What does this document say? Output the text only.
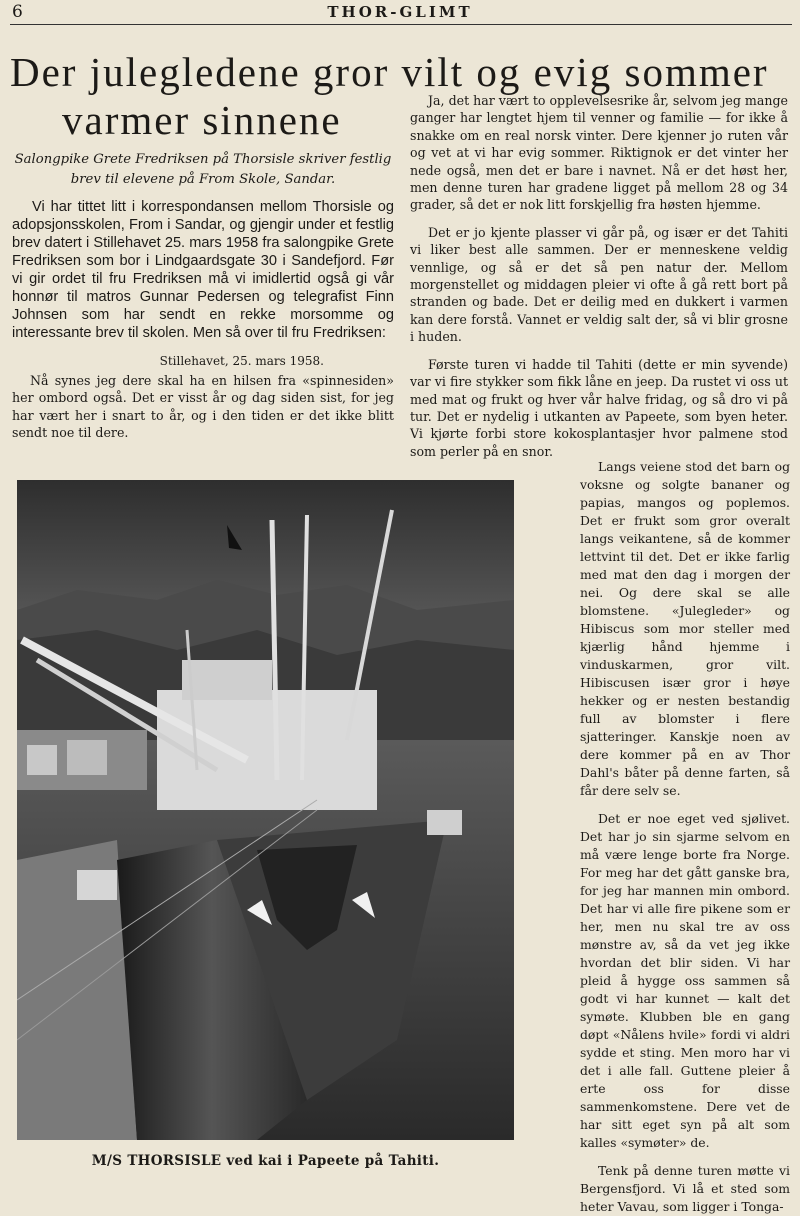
6	THOR-GLIMT
Der julegledene gror vilt og evig sommer
varmer sinnene

Salongpike Grete Fredriksen på Thorsisle skriver festlig brev til elevene på From Skole, Sandar.

Vi har tittet litt i korrespondansen mellom Thorsisle og adopsjonsskolen, From i Sandar, og gjengir under et festlig brev datert i Stillehavet 25. mars 1958 fra salongpike Grete Fredriksen som bor i Lindgaardsgate 30 i Sandefjord. Før vi gir ordet til fru Fredriksen må vi imidlertid også gi vår honnør til matros Gunnar Pedersen og telegrafist Finn Johnsen som har sendt en rekke morsomme og interessante brev til skolen. Men så over til fru Fredriksen:

Stillehavet, 25. mars 1958.

Nå synes jeg dere skal ha en hilsen fra «spinnesiden» her ombord også. Det er visst år og dag siden sist, for jeg har vært her i snart to år, og i den tiden er det ikke blitt sendt noe til dere.

Ja, det har vært to opplevelsesrike år, selvom jeg mange ganger har lengtet hjem til venner og familie — for ikke å snakke om en real norsk vinter. Dere kjenner jo ruten vår og vet at vi har evig sommer. Riktignok er det vinter her nede også, men det er bare i navnet. Nå er det høst her, men denne turen har gradene ligget på mellom 28 og 34 grader, så det er nok litt forskjellig fra høsten hjemme.

Det er jo kjente plasser vi går på, og især er det Tahiti vi liker best alle sammen. Der er menneskene veldig vennlige, og så er det så pen natur der. Mellom morgenstellet og middagen pleier vi ofte å gå rett bort på stranden og bade. Det er deilig med en dukkert i varmen kan dere forstå. Vannet er veldig salt der, så vi blir grosne i huden.

Første turen vi hadde til Tahiti (dette er min syvende) var vi fire stykker som fikk låne en jeep. Da rustet vi oss ut med mat og frukt og hver vår halve fridag, og så dro vi på tur. Det er nydelig i utkanten av Papeete, som byen heter. Vi kjørte forbi store kokosplantasjer hvor palmene stod som perler på en snor.

Langs veiene stod det barn og voksne og solgte bananer og papias, mangos og poplemos. Det er frukt som gror overalt langs veikantene, så de kommer lettvint til det. Det er ikke farlig med mat den dag i morgen der nei. Og dere skal se alle blomstene. «Julegleder» og Hibiscus som mor steller med kjærlig hånd hjemme i vinduskarmen, gror vilt. Hibiscusen især gror i høye hekker og er nesten bestandig full av blomster i flere sjatteringer. Kanskje noen av dere kommer på en av Thor Dahl's båter på denne farten, så får dere selv se.

Det er noe eget ved sjølivet. Det har jo sin sjarme selvom en må være lenge borte fra Norge. For meg har det gått ganske bra, for jeg har mannen min ombord. Det har vi alle fire pikene som er her, men nu skal tre av oss mønstre av, så da vet jeg ikke hvordan det blir siden. Vi har pleid å hygge oss sammen så godt vi har kunnet — kalt det symøte. Klubben ble en gang døpt «Nålens hvile» fordi vi aldri sydde et sting. Men moro har vi det i alle fall. Guttene pleier å erte oss for disse sammenkomstene. Dere vet de har sitt eget syn på alt som kalles «symøter» de.

Tenk på denne turen møtte vi Bergensfjord. Vi lå et sted som heter Vavau, som ligger i Tonga-

M/S THORSISLE ved kai i Papeete på Tahiti.
